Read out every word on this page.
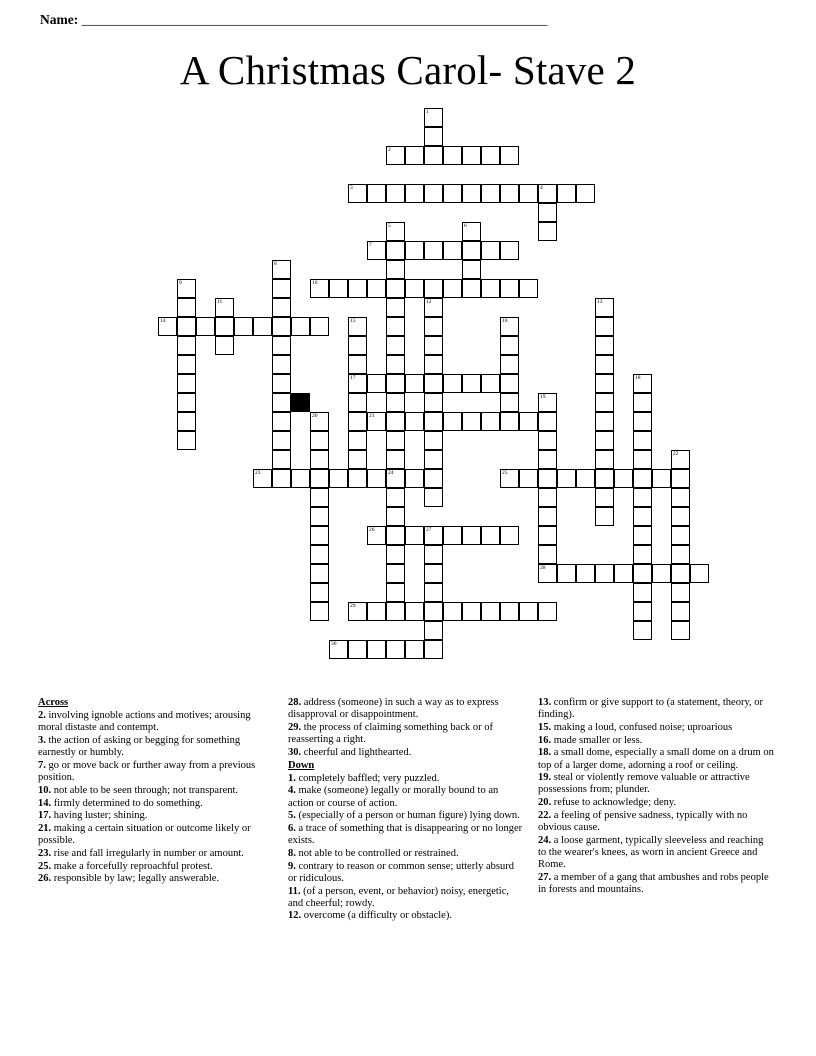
Name: _____________________________________________________________________
A Christmas Carol- Stave 2
1
2
3	4
5	6
7
8
9	10
11	12	13
14	15
17
16
18
19
20	21
22
23	24	25
26	27
28
29
30
Across
2. involving ignoble actions and motives; arousing moral distaste and contempt.
3. the action of asking or begging for something earnestly or humbly.
7. go or move back or further away from a previous position.
10. not able to be seen through; not transparent.
14. firmly determined to do something.
17. having luster; shining.
21. making a certain situation or outcome likely or possible.
23. rise and fall irregularly in number or amount.
25. make a forcefully reproachful protest.
26. responsible by law; legally answerable.
28. address (someone) in such a way as to express disapproval or disappointment.
29. the process of claiming something back or of reasserting a right.
30. cheerful and lighthearted.
Down
1. completely baffled; very puzzled.
4. make (someone) legally or morally bound to an action or course of action.
5. (especially of a person or human figure) lying down.
6. a trace of something that is disappearing or no longer exists.
8. not able to be controlled or restrained.
9. contrary to reason or common sense; utterly absurd or ridiculous.
11. (of a person, event, or behavior) noisy, energetic, and cheerful; rowdy.
12. overcome (a difficulty or obstacle).
13. confirm or give support to (a statement, theory, or finding).
15. making a loud, confused noise; uproarious
16. made smaller or less.
18. a small dome, especially a small dome on a drum on top of a larger dome, adorning a roof or ceiling.
19. steal or violently remove valuable or attractive possessions from; plunder.
20. refuse to acknowledge; deny.
22. a feeling of pensive sadness, typically with no obvious cause.
24. a loose garment, typically sleeveless and reaching to the wearer's knees, as worn in ancient Greece and Rome.
27. a member of a gang that ambushes and robs people in forests and mountains.
